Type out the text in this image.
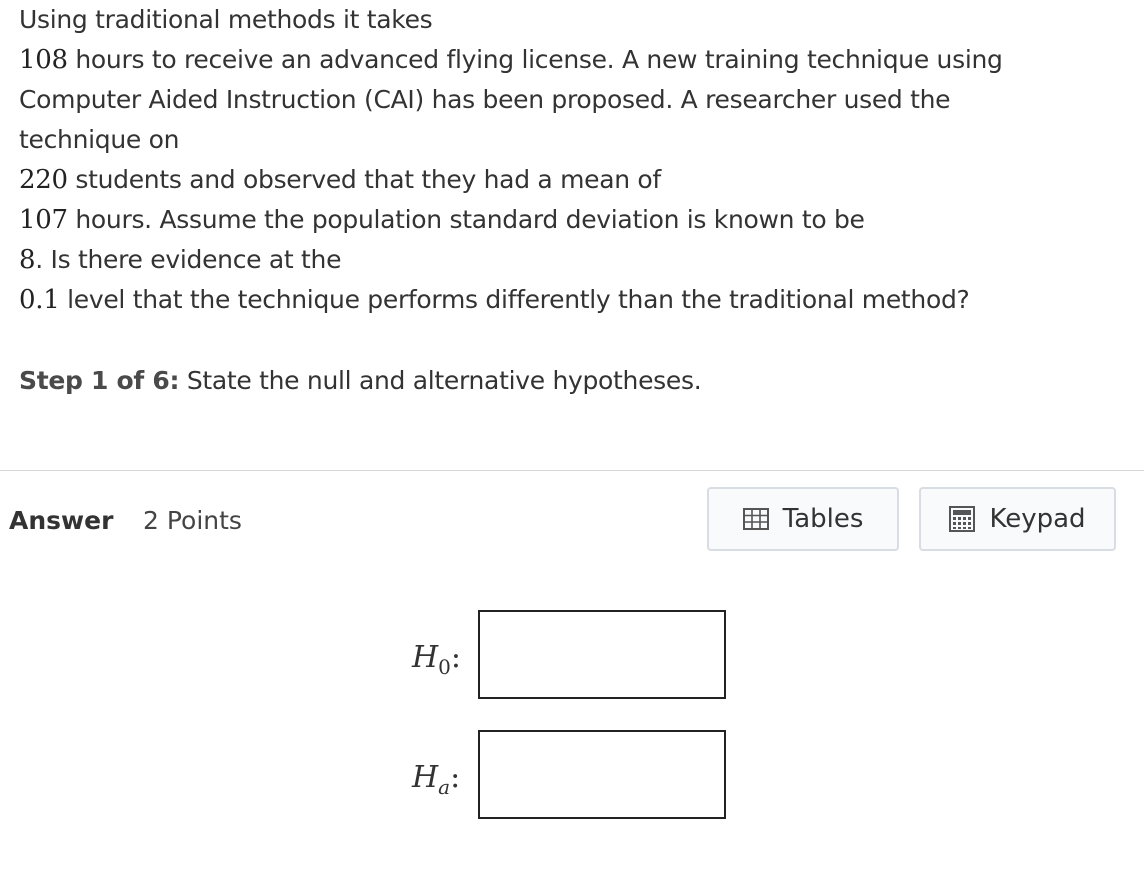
Using traditional methods it takes
108 hours to receive an advanced flying license. A new training technique using
Computer Aided Instruction (CAI) has been proposed. A researcher used the
technique on
220 students and observed that they had a mean of
107 hours. Assume the population standard deviation is known to be
8. Is there evidence at the
0.1 level that the technique performs differently than the traditional method?
Step 1 of 6: State the null and alternative hypotheses.
Answer 2 Points	Tables	Keypad
$H_0$:
$H_a$:
